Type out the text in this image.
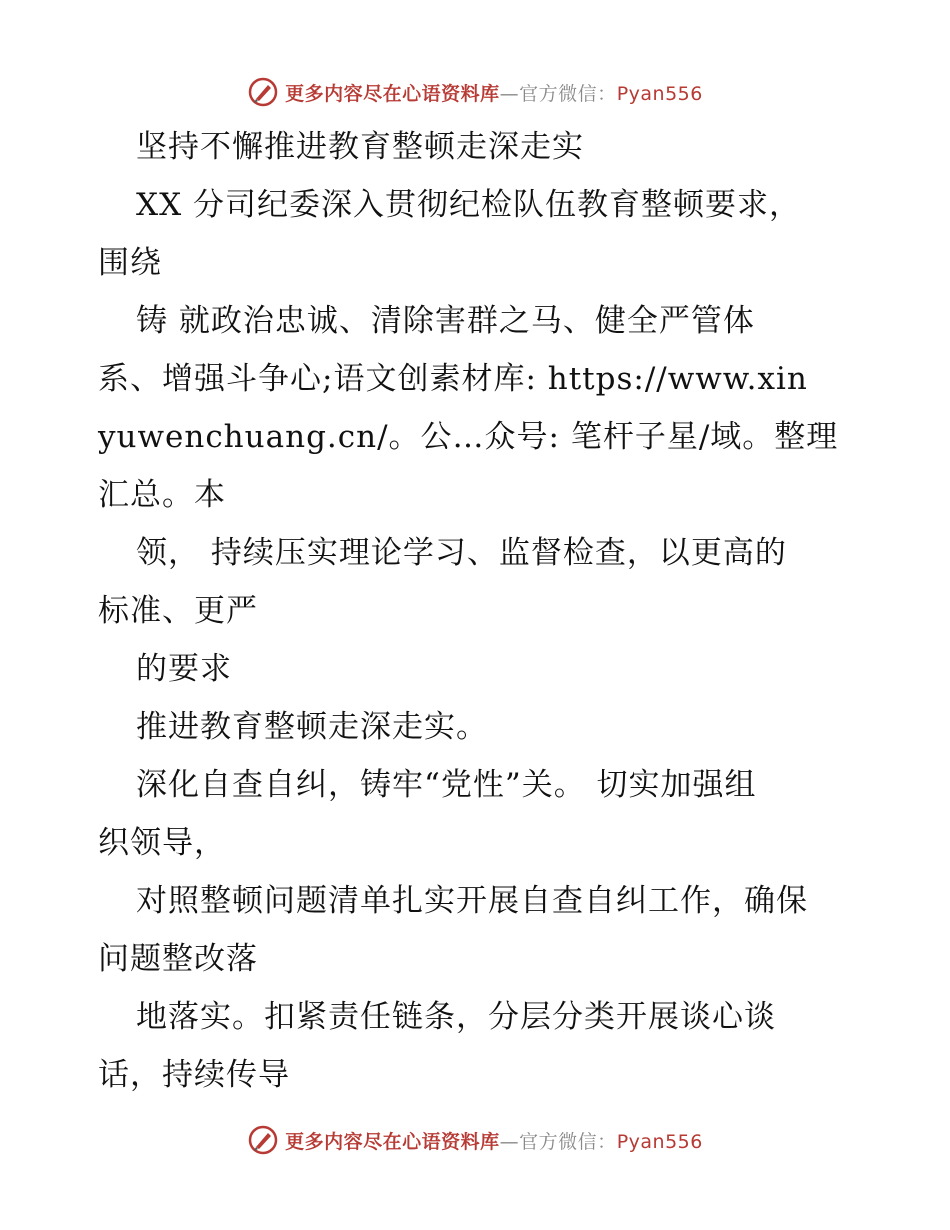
更多内容尽在心语资料库—官方微信：Pyan556
坚持不懈推进教育整顿走深走实
XX 分司纪委深入贯彻纪检队伍教育整顿要求，
围绕
铸 就政治忠诚、清除害群之马、健全严管体
系、增强斗争心;语文创素材库: https://www.xin
yuwenchuang.cn/。公…众号: 笔杆子星/域。整理
汇总。本
领， 持续压实理论学习、监督检查，以更高的
标准、更严
的要求
推进教育整顿走深走实。
深化自查自纠，铸牢“党性”关。 切实加强组
织领导，
对照整顿问题清单扎实开展自查自纠工作，确保
问题整改落
地落实。扣紧责任链条，分层分类开展谈心谈
话，持续传导
更多内容尽在心语资料库—官方微信：Pyan556
